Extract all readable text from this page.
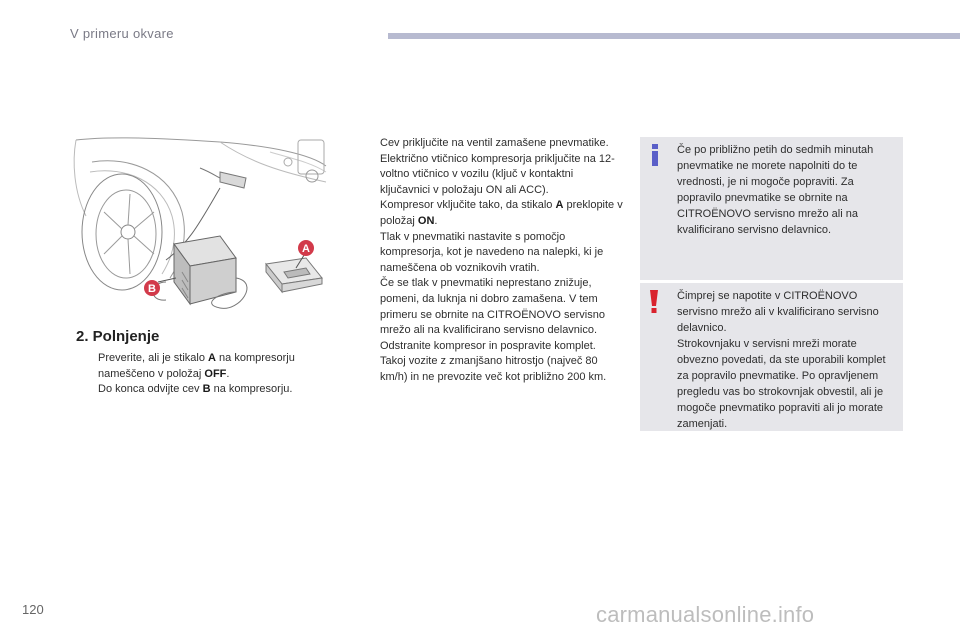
V primeru okvare
A
B
2. Polnjenje
Preverite, ali je stikalo A na kompresorju nameščeno v položaj OFF.
Do konca odvijte cev B na kompresorju.
Cev priključite na ventil zamašene pnevmatike.
Električno vtičnico kompresorja priključite na 12-voltno vtičnico v vozilu (ključ v kontaktni ključavnici v položaju ON ali ACC).
Kompresor vključite tako, da stikalo A preklopite v položaj ON.
Tlak v pnevmatiki nastavite s pomočjo kompresorja, kot je navedeno na nalepki, ki je nameščena ob voznikovih vratih.
Če se tlak v pnevmatiki neprestano znižuje, pomeni, da luknja ni dobro zamašena. V tem primeru se obrnite na CITROËNOVO servisno mrežo ali na kvalificirano servisno delavnico.
Odstranite kompresor in pospravite komplet.
Takoj vozite z zmanjšano hitrostjo (največ 80 km/h) in ne prevozite več kot približno 200 km.

Če po približno petih do sedmih minutah pnevmatike ne morete napolniti do te vrednosti, je ni mogoče popraviti. Za popravilo pnevmatike se obrnite na CITROËNOVO servisno mrežo ali na kvalificirano servisno delavnico.

Čimprej se napotite v CITROËNOVO servisno mrežo ali v kvalificirano servisno delavnico.

Strokovnjaku v servisni mreži morate obvezno povedati, da ste uporabili komplet za popravilo pnevmatike. Po opravljenem pregledu vas bo strokovnjak obvestil, ali je mogoče pnevmatiko popraviti ali jo morate zamenjati.

120	carmanualsonline.info
